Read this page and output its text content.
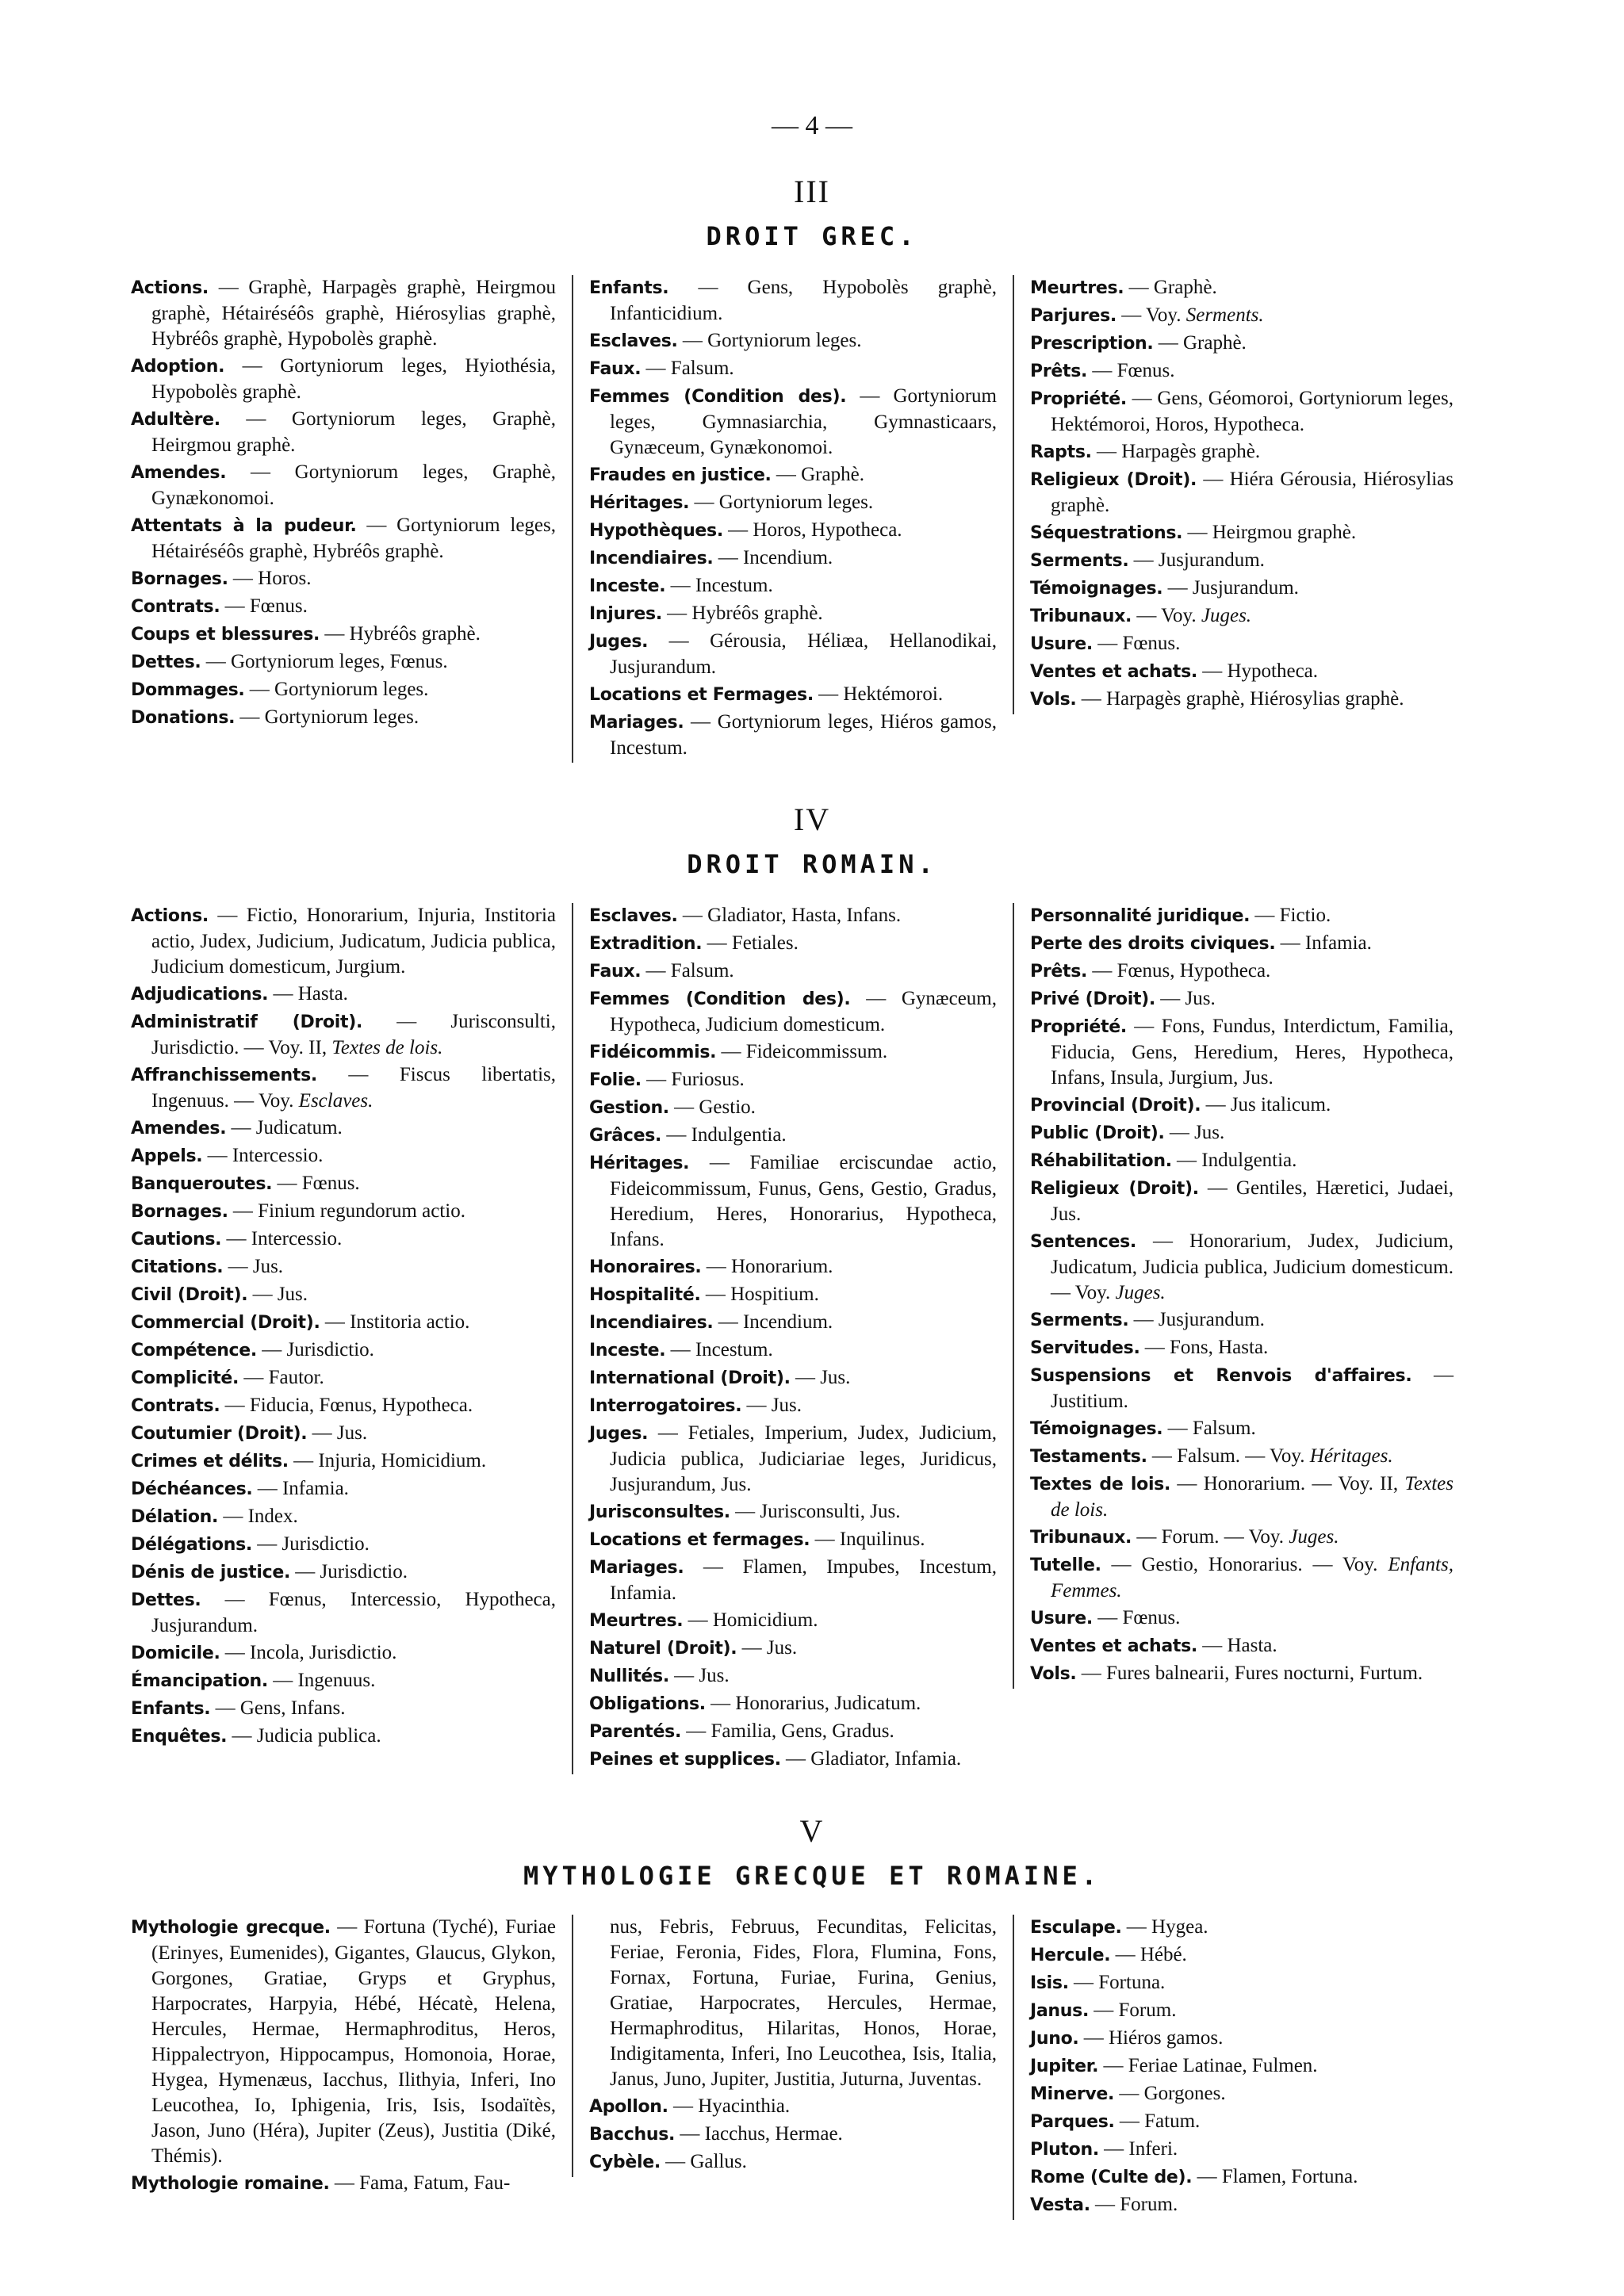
— 4 —
III
DROIT GREC.
Actions. — Graphè, Harpagès graphè, Heirgmou graphè, Hétairéséôs graphè, Hiérosylias graphè, Hybréôs graphè, Hypobolès graphè.
Adoption. — Gortyniorum leges, Hyiothésia, Hypobolès graphè.
Adultère. — Gortyniorum leges, Graphè, Heirgmou graphè.
Amendes. — Gortyniorum leges, Graphè, Gynækonomoi.
Attentats à la pudeur. — Gortyniorum leges, Hétairéséôs graphè, Hybréôs graphè.
Bornages. — Horos.
Contrats. — Fœnus.
Coups et blessures. — Hybréôs graphè.
Dettes. — Gortyniorum leges, Fœnus.
Dommages. — Gortyniorum leges.
Donations. — Gortyniorum leges.
Enfants. — Gens, Hypobolès graphè, Infanticidium.
Esclaves. — Gortyniorum leges.
Faux. — Falsum.
Femmes (Condition des). — Gortyniorum leges, Gymnasiarchia, Gymnasticaars, Gynæceum, Gynækonomoi.
Fraudes en justice. — Graphè.
Héritages. — Gortyniorum leges.
Hypothèques. — Horos, Hypotheca.
Incendiaires. — Incendium.
Inceste. — Incestum.
Injures. — Hybréôs graphè.
Juges. — Gérousia, Héliæa, Hellanodikai, Jusjurandum.
Locations et Fermages. — Hektémoroi.
Mariages. — Gortyniorum leges, Hiéros gamos, Incestum.
Meurtres. — Graphè.
Parjures. — Voy. Serments.
Prescription. — Graphè.
Prêts. — Fœnus.
Propriété. — Gens, Géomoroi, Gortyniorum leges, Hektémoroi, Horos, Hypotheca.
Rapts. — Harpagès graphè.
Religieux (Droit). — Hiéra Gérousia, Hiérosylias graphè.
Séquestrations. — Heirgmou graphè.
Serments. — Jusjurandum.
Témoignages. — Jusjurandum.
Tribunaux. — Voy. Juges.
Usure. — Fœnus.
Ventes et achats. — Hypotheca.
Vols. — Harpagès graphè, Hiérosylias graphè.
IV
DROIT ROMAIN.
Actions. — Fictio, Honorarium, Injuria, Institoria actio, Judex, Judicium, Judicatum, Judicia publica, Judicium domesticum, Jurgium.
Adjudications. — Hasta.
Administratif (Droit). — Jurisconsulti, Jurisdictio. — Voy. II, Textes de lois.
Affranchissements. — Fiscus libertatis, Ingenuus. — Voy. Esclaves.
Amendes. — Judicatum.
Appels. — Intercessio.
Banqueroutes. — Fœnus.
Bornages. — Finium regundorum actio.
Cautions. — Intercessio.
Citations. — Jus.
Civil (Droit). — Jus.
Commercial (Droit). — Institoria actio.
Compétence. — Jurisdictio.
Complicité. — Fautor.
Contrats. — Fiducia, Fœnus, Hypotheca.
Coutumier (Droit). — Jus.
Crimes et délits. — Injuria, Homicidium.
Déchéances. — Infamia.
Délation. — Index.
Délégations. — Jurisdictio.
Dénis de justice. — Jurisdictio.
Dettes. — Fœnus, Intercessio, Hypotheca, Jusjurandum.
Domicile. — Incola, Jurisdictio.
Émancipation. — Ingenuus.
Enfants. — Gens, Infans.
Enquêtes. — Judicia publica.
Esclaves. — Gladiator, Hasta, Infans.
Extradition. — Fetiales.
Faux. — Falsum.
Femmes (Condition des). — Gynæceum, Hypotheca, Judicium domesticum.
Fidéicommis. — Fideicommissum.
Folie. — Furiosus.
Gestion. — Gestio.
Grâces. — Indulgentia.
Héritages. — Familiae erciscundae actio, Fideicommissum, Funus, Gens, Gestio, Gradus, Heredium, Heres, Honorarius, Hypotheca, Infans.
Honoraires. — Honorarium.
Hospitalité. — Hospitium.
Incendiaires. — Incendium.
Inceste. — Incestum.
International (Droit). — Jus.
Interrogatoires. — Jus.
Juges. — Fetiales, Imperium, Judex, Judicium, Judicia publica, Judiciariae leges, Juridicus, Jusjurandum, Jus.
Jurisconsultes. — Jurisconsulti, Jus.
Locations et fermages. — Inquilinus.
Mariages. — Flamen, Impubes, Incestum, Infamia.
Meurtres. — Homicidium.
Naturel (Droit). — Jus.
Nullités. — Jus.
Obligations. — Honorarius, Judicatum.
Parentés. — Familia, Gens, Gradus.
Peines et supplices. — Gladiator, Infamia.
Personnalité juridique. — Fictio.
Perte des droits civiques. — Infamia.
Prêts. — Fœnus, Hypotheca.
Privé (Droit). — Jus.
Propriété. — Fons, Fundus, Interdictum, Familia, Fiducia, Gens, Heredium, Heres, Hypotheca, Infans, Insula, Jurgium, Jus.
Provincial (Droit). — Jus italicum.
Public (Droit). — Jus.
Réhabilitation. — Indulgentia.
Religieux (Droit). — Gentiles, Hæretici, Judaei, Jus.
Sentences. — Honorarium, Judex, Judicium, Judicatum, Judicia publica, Judicium domesticum. — Voy. Juges.
Serments. — Jusjurandum.
Servitudes. — Fons, Hasta.
Suspensions et Renvois d'affaires. — Justitium.
Témoignages. — Falsum.
Testaments. — Falsum. — Voy. Héritages.
Textes de lois. — Honorarium. — Voy. II, Textes de lois.
Tribunaux. — Forum. — Voy. Juges.
Tutelle. — Gestio, Honorarius. — Voy. Enfants, Femmes.
Usure. — Fœnus.
Ventes et achats. — Hasta.
Vols. — Fures balnearii, Fures nocturni, Furtum.
V
MYTHOLOGIE GRECQUE ET ROMAINE.
Mythologie grecque. — Fortuna (Tyché), Furiae (Erinyes, Eumenides), Gigantes, Glaucus, Glykon, Gorgones, Gratiae, Gryps et Gryphus, Harpocrates, Harpyia, Hébé, Hécatè, Helena, Hercules, Hermae, Hermaphroditus, Heros, Hippalectryon, Hippocampus, Homonoia, Horae, Hygea, Hymenæus, Iacchus, Ilithyia, Inferi, Ino Leucothea, Io, Iphigenia, Iris, Isis, Isodaïtès, Jason, Juno (Héra), Jupiter (Zeus), Justitia (Diké, Thémis).
Mythologie romaine. — Fama, Fatum, Fau-
nus, Febris, Februus, Fecunditas, Felicitas, Feriae, Feronia, Fides, Flora, Flumina, Fons, Fornax, Fortuna, Furiae, Furina, Genius, Gratiae, Harpocrates, Hercules, Hermae, Hermaphroditus, Hilaritas, Honos, Horae, Indigitamenta, Inferi, Ino Leucothea, Isis, Italia, Janus, Juno, Jupiter, Justitia, Juturna, Juventas.
Apollon. — Hyacinthia.
Bacchus. — Iacchus, Hermae.
Cybèle. — Gallus.
Esculape. — Hygea.
Hercule. — Hébé.
Isis. — Fortuna.
Janus. — Forum.
Juno. — Hiéros gamos.
Jupiter. — Feriae Latinae, Fulmen.
Minerve. — Gorgones.
Parques. — Fatum.
Pluton. — Inferi.
Rome (Culte de). — Flamen, Fortuna.
Vesta. — Forum.
